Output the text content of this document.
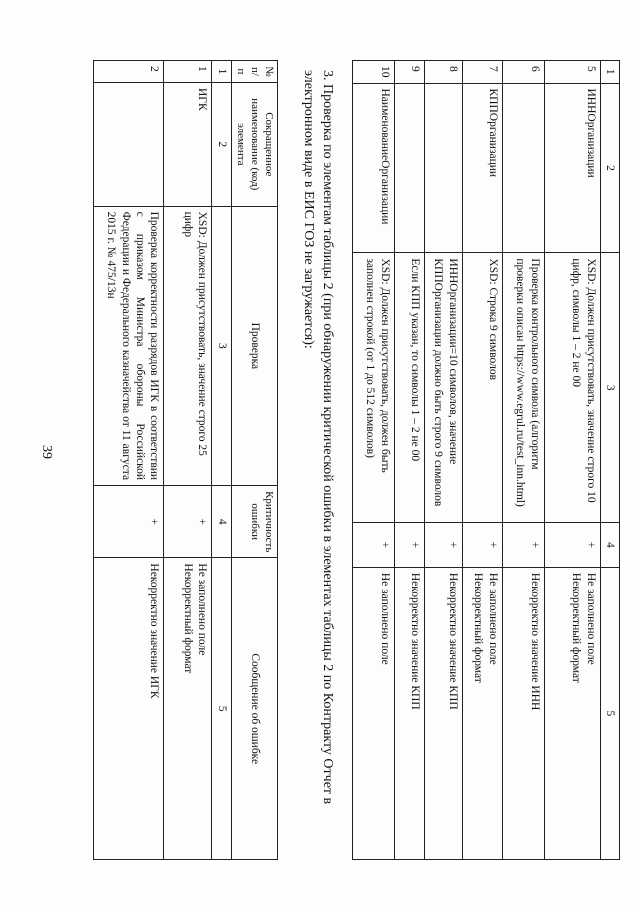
39
1	2	3	4	5
5	ИННОрганизации	XSD: Должен присутствовать, значение строго 10 цифр, символы 1 – 2 не 00	+	Не заполнено поле
Некорректный формат
6		Проверка контрольного символа (алгоритм проверки описан https://www.egrul.ru/test_inn.html)	+	Некорректно значение ИНН
7	КППОрганизации	XSD: Строка 9 символов	+	Не заполнено поле
Некорректный формат
8		ИННОрганизации=10 символов, значение КППОрганизации должно быть строго 9 символов	+	Некорректно значение КПП
9		Если КПП указан, то символы 1 – 2 не 00	+	Некорректно значение КПП
10	НаименованиеОрганизации	XSD: Должен присутствовать, должен быть заполнен строкой (от 1 до 512 символов)	+	Не заполнено поле
3. Проверка по элементам таблицы 2 (при обнаружении критической ошибки в элементах таблицы 2 по Контракту Отчет в электронном виде в ЕИС ГОЗ не загружается):
№ п/п	Сокращенное наименование (код) элемента	Проверка	Критичность ошибки	Сообщение об ошибке
1	2	3	4	5
1	ИГК	XSD: Должен присутствовать, значение строго 25 цифр	+	Не заполнено поле
Некорректный формат
2		Проверка корректности разрядов ИГК в соответствии с приказом Министра обороны Российской Федерации и Федерального казначейства от 11 августа 2015 г. № 475/13н	+	Некорректно значение ИГК
